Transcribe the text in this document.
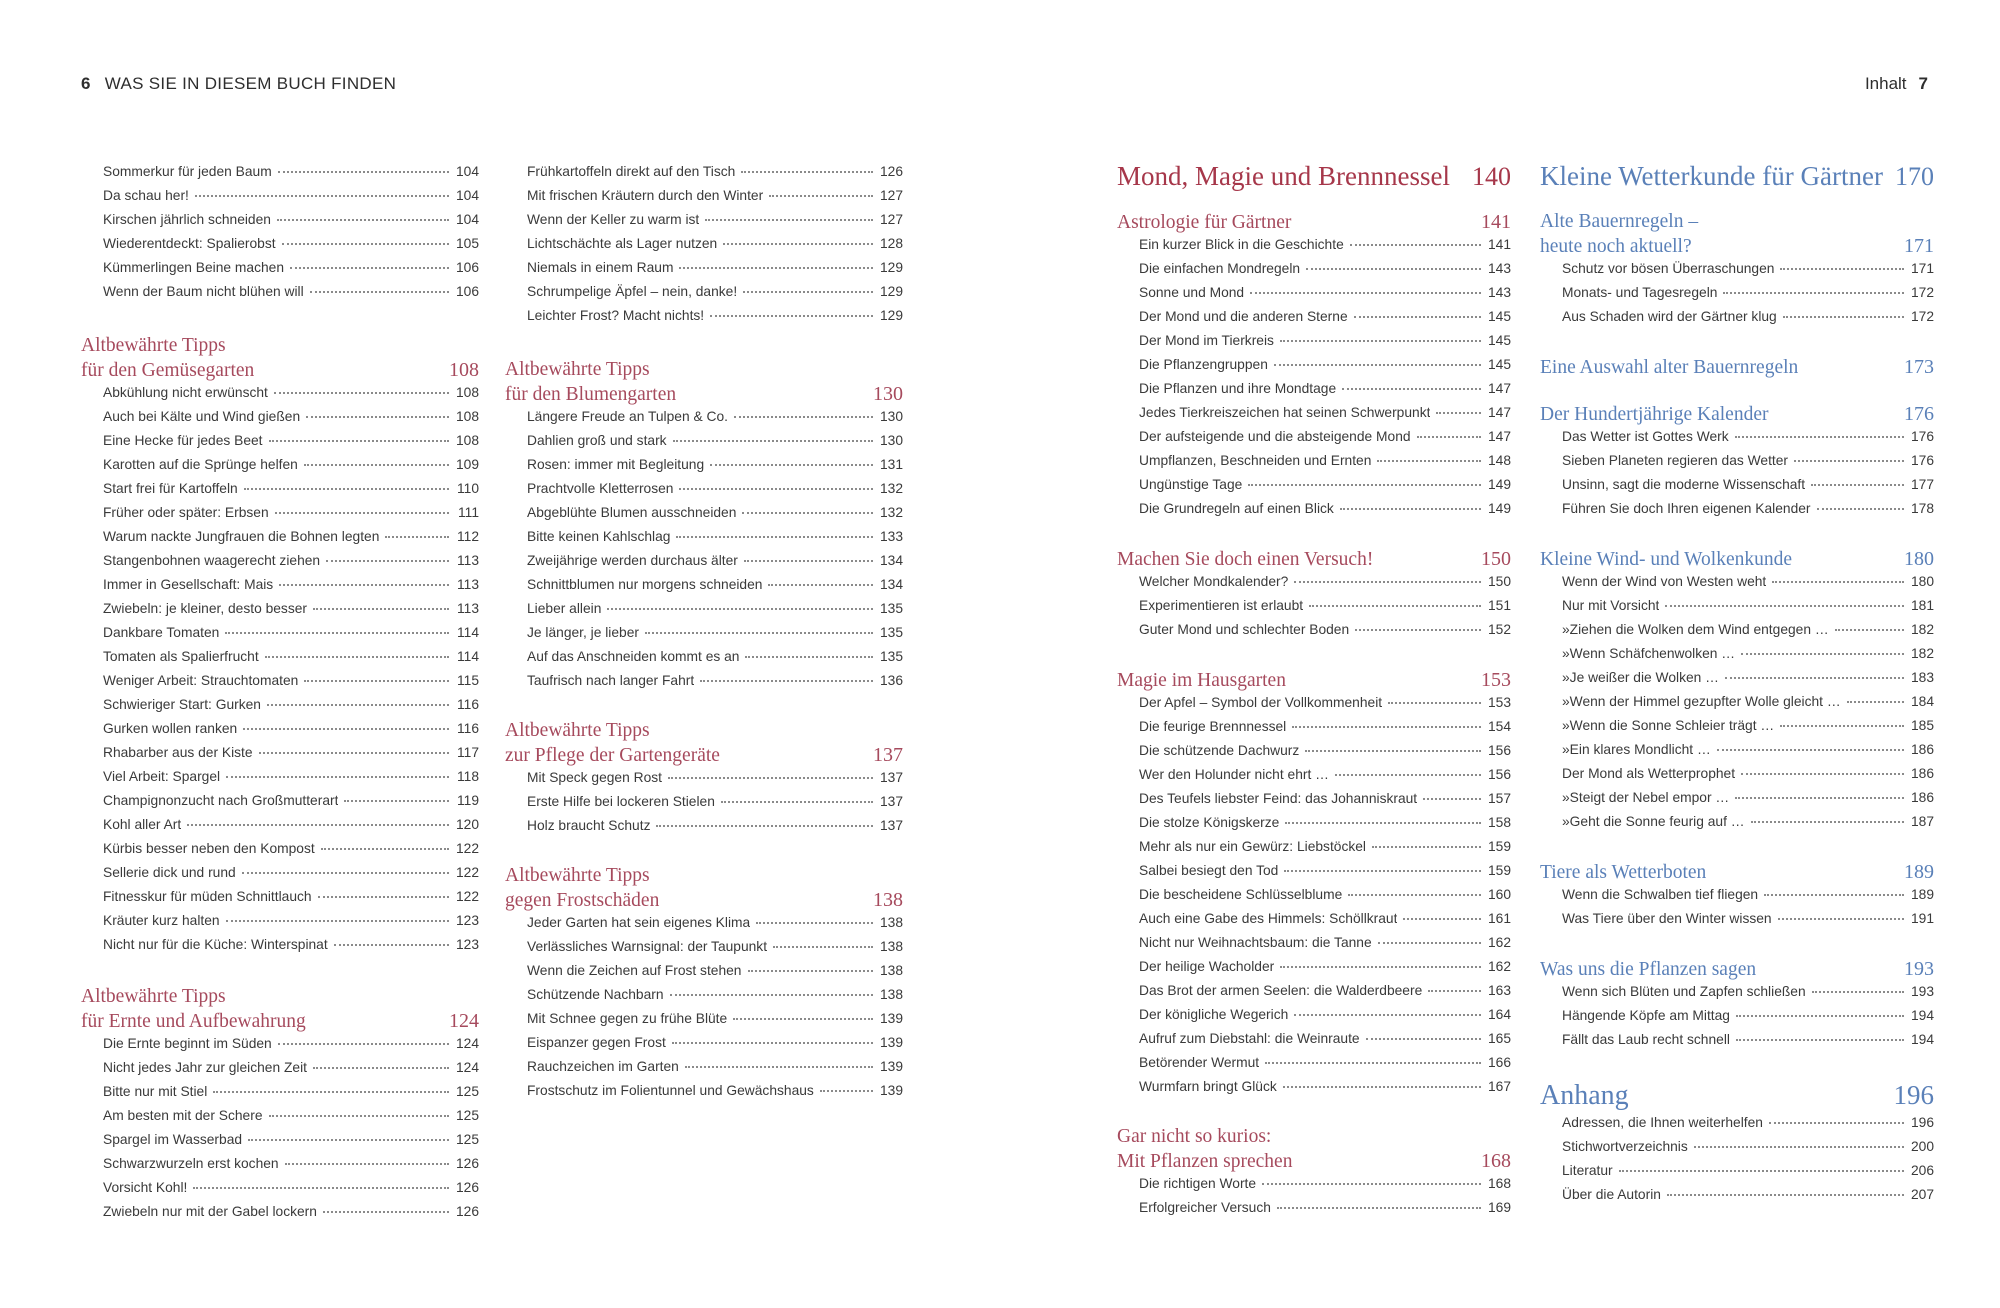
6 WAS SIE IN DIESEM BUCH FINDEN	Inhalt 7
Sommerkur für jeden Baum	104
Da schau her!	104
Kirschen jährlich schneiden	104
Wiederentdeckt: Spalierobst	105
Kümmerlingen Beine machen	106
Wenn der Baum nicht blühen will	106
Altbewährte Tipps
für den Gemüsegarten	108
Abkühlung nicht erwünscht	108
Auch bei Kälte und Wind gießen	108
Eine Hecke für jedes Beet	108
Karotten auf die Sprünge helfen	109
Start frei für Kartoffeln	110
Früher oder später: Erbsen	111
Warum nackte Jungfrauen die Bohnen legten	112
Stangenbohnen waagerecht ziehen	113
Immer in Gesellschaft: Mais	113
Zwiebeln: je kleiner, desto besser	113
Dankbare Tomaten	114
Tomaten als Spalierfrucht	114
Weniger Arbeit: Strauchtomaten	115
Schwieriger Start: Gurken	116
Gurken wollen ranken	116
Rhabarber aus der Kiste	117
Viel Arbeit: Spargel	118
Champignonzucht nach Großmutterart	119
Kohl aller Art	120
Kürbis besser neben den Kompost	122
Sellerie dick und rund	122
Fitnesskur für müden Schnittlauch	122
Kräuter kurz halten	123
Nicht nur für die Küche: Winterspinat	123
Altbewährte Tipps
für Ernte und Aufbewahrung	124
Die Ernte beginnt im Süden	124
Nicht jedes Jahr zur gleichen Zeit	124
Bitte nur mit Stiel	125
Am besten mit der Schere	125
Spargel im Wasserbad	125
Schwarzwurzeln erst kochen	126
Vorsicht Kohl!	126
Zwiebeln nur mit der Gabel lockern	126
Frühkartoffeln direkt auf den Tisch	126
Mit frischen Kräutern durch den Winter	127
Wenn der Keller zu warm ist	127
Lichtschächte als Lager nutzen	128
Niemals in einem Raum	129
Schrumpelige Äpfel – nein, danke!	129
Leichter Frost? Macht nichts!	129
Altbewährte Tipps
für den Blumengarten	130
Längere Freude an Tulpen & Co.	130
Dahlien groß und stark	130
Rosen: immer mit Begleitung	131
Prachtvolle Kletterrosen	132
Abgeblühte Blumen ausschneiden	132
Bitte keinen Kahlschlag	133
Zweijährige werden durchaus älter	134
Schnittblumen nur morgens schneiden	134
Lieber allein	135
Je länger, je lieber	135
Auf das Anschneiden kommt es an	135
Taufrisch nach langer Fahrt	136
Altbewährte Tipps
zur Pflege der Gartengeräte	137
Mit Speck gegen Rost	137
Erste Hilfe bei lockeren Stielen	137
Holz braucht Schutz	137
Altbewährte Tipps
gegen Frostschäden	138
Jeder Garten hat sein eigenes Klima	138
Verlässliches Warnsignal: der Taupunkt	138
Wenn die Zeichen auf Frost stehen	138
Schützende Nachbarn	138
Mit Schnee gegen zu frühe Blüte	139
Eispanzer gegen Frost	139
Rauchzeichen im Garten	139
Frostschutz im Folientunnel und Gewächshaus	139
Mond, Magie und Brennnessel 140
Astrologie für Gärtner	141
Ein kurzer Blick in die Geschichte	141
Die einfachen Mondregeln	143
Sonne und Mond	143
Der Mond und die anderen Sterne	145
Der Mond im Tierkreis	145
Die Pflanzengruppen	145
Die Pflanzen und ihre Mondtage	147
Jedes Tierkreiszeichen hat seinen Schwerpunkt	147
Der aufsteigende und die absteigende Mond	147
Umpflanzen, Beschneiden und Ernten	148
Ungünstige Tage	149
Die Grundregeln auf einen Blick	149
Machen Sie doch einen Versuch!	150
Welcher Mondkalender?	150
Experimentieren ist erlaubt	151
Guter Mond und schlechter Boden	152
Magie im Hausgarten	153
Der Apfel – Symbol der Vollkommenheit	153
Die feurige Brennnessel	154
Die schützende Dachwurz	156
Wer den Holunder nicht ehrt …	156
Des Teufels liebster Feind: das Johanniskraut	157
Die stolze Königskerze	158
Mehr als nur ein Gewürz: Liebstöckel	159
Salbei besiegt den Tod	159
Die bescheidene Schlüsselblume	160
Auch eine Gabe des Himmels: Schöllkraut	161
Nicht nur Weihnachtsbaum: die Tanne	162
Der heilige Wacholder	162
Das Brot der armen Seelen: die Walderdbeere	163
Der königliche Wegerich	164
Aufruf zum Diebstahl: die Weinraute	165
Betörender Wermut	166
Wurmfarn bringt Glück	167
Gar nicht so kurios:
Mit Pflanzen sprechen	168
Die richtigen Worte	168
Erfolgreicher Versuch	169
Kleine Wetterkunde für Gärtner 170
Alte Bauernregeln –
heute noch aktuell?	171
Schutz vor bösen Überraschungen	171
Monats- und Tagesregeln	172
Aus Schaden wird der Gärtner klug	172
Eine Auswahl alter Bauernregeln	173
Der Hundertjährige Kalender	176
Das Wetter ist Gottes Werk	176
Sieben Planeten regieren das Wetter	176
Unsinn, sagt die moderne Wissenschaft	177
Führen Sie doch Ihren eigenen Kalender	178
Kleine Wind- und Wolkenkunde	180
Wenn der Wind von Westen weht	180
Nur mit Vorsicht	181
»Ziehen die Wolken dem Wind entgegen …	182
»Wenn Schäfchenwolken …	182
»Je weißer die Wolken …	183
»Wenn der Himmel gezupfter Wolle gleicht …	184
»Wenn die Sonne Schleier trägt …	185
»Ein klares Mondlicht …	186
Der Mond als Wetterprophet	186
»Steigt der Nebel empor …	186
»Geht die Sonne feurig auf …	187
Tiere als Wetterboten	189
Wenn die Schwalben tief fliegen	189
Was Tiere über den Winter wissen	191
Was uns die Pflanzen sagen	193
Wenn sich Blüten und Zapfen schließen	193
Hängende Köpfe am Mittag	194
Fällt das Laub recht schnell	194
Anhang	196
Adressen, die Ihnen weiterhelfen	196
Stichwortverzeichnis	200
Literatur	206
Über die Autorin	207
